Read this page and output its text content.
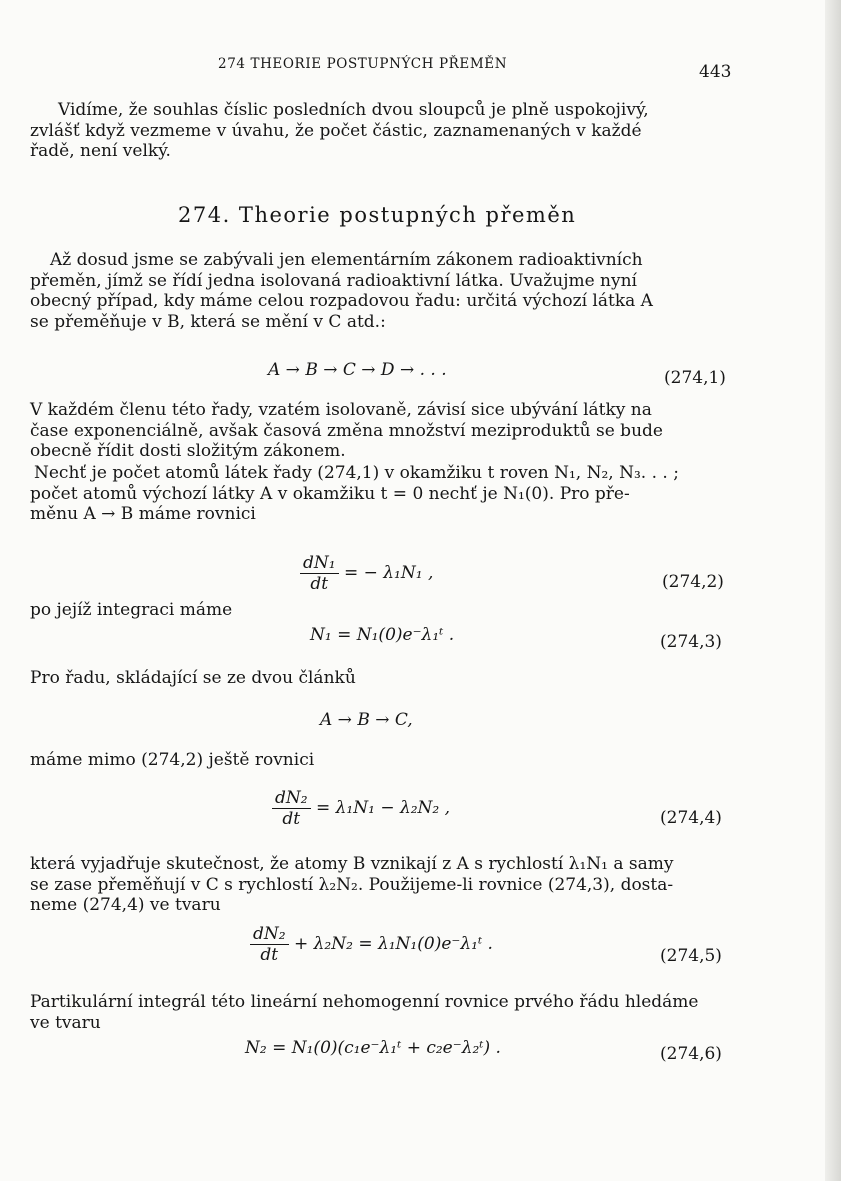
274 THEORIE POSTUPNÝCH PŘEMĚN	443
Vidíme, že souhlas číslic posledních dvou sloupců je plně uspokojivý,
zvlášť když vezmeme v úvahu, že počet částic, zaznamenaných v každé
řadě, není velký.
274. Theorie postupných přeměn
Až dosud jsme se zabývali jen elementárním zákonem radioaktivních
přeměn, jímž se řídí jedna isolovaná radioaktivní látka. Uvažujme nyní
obecný případ, kdy máme celou rozpadovou řadu: určitá výchozí látka A
se přeměňuje v B, která se mění v C atd.:
A → B → C → D → . . .	(274,1)
V každém členu této řady, vzatém isolovaně, závisí sice ubývání látky na
čase exponenciálně, avšak časová změna množství meziproduktů se bude
obecně řídit dosti složitým zákonem.
Nechť je počet atomů látek řady (274,1) v okamžiku t roven N₁, N₂, N₃. . . ;
počet atomů výchozí látky A v okamžiku t = 0 nechť je N₁(0). Pro pře-
měnu A → B máme rovnici
$\frac{\text{dN₁}}{dt}$ = − λ₁N₁ ,	(274,2)
po jejíž integraci máme
N₁ = N₁(0)e⁻λ₁ᵗ .	(274,3)
Pro řadu, skládající se ze dvou článků
A → B → C,
máme mimo (274,2) ještě rovnici
$\frac{\text{dN₂}}{dt} = \lambda_1N_1 - \lambda_2N_2$ ,	(274,4)
která vyjadřuje skutečnost, že atomy B vznikají z A s rychlostí λ₁N₁ a samy
se zase přeměňují v C s rychlostí λ₂N₂. Použijeme-li rovnice (274,3), dosta-
neme (274,4) ve tvaru
$\frac{\text{dN₂}}{dt} + \lambda_2N_2$ = λ₁N₁(0)e⁻λ₁ᵗ .
(274,5)
Partikulární integrál této lineární nehomogenní rovnice prvého řádu hledáme
ve tvaru
N₂ = N₁(0)(c₁e⁻λ₁ᵗ + c₂e⁻λ₂ᵗ) .	(274,6)
